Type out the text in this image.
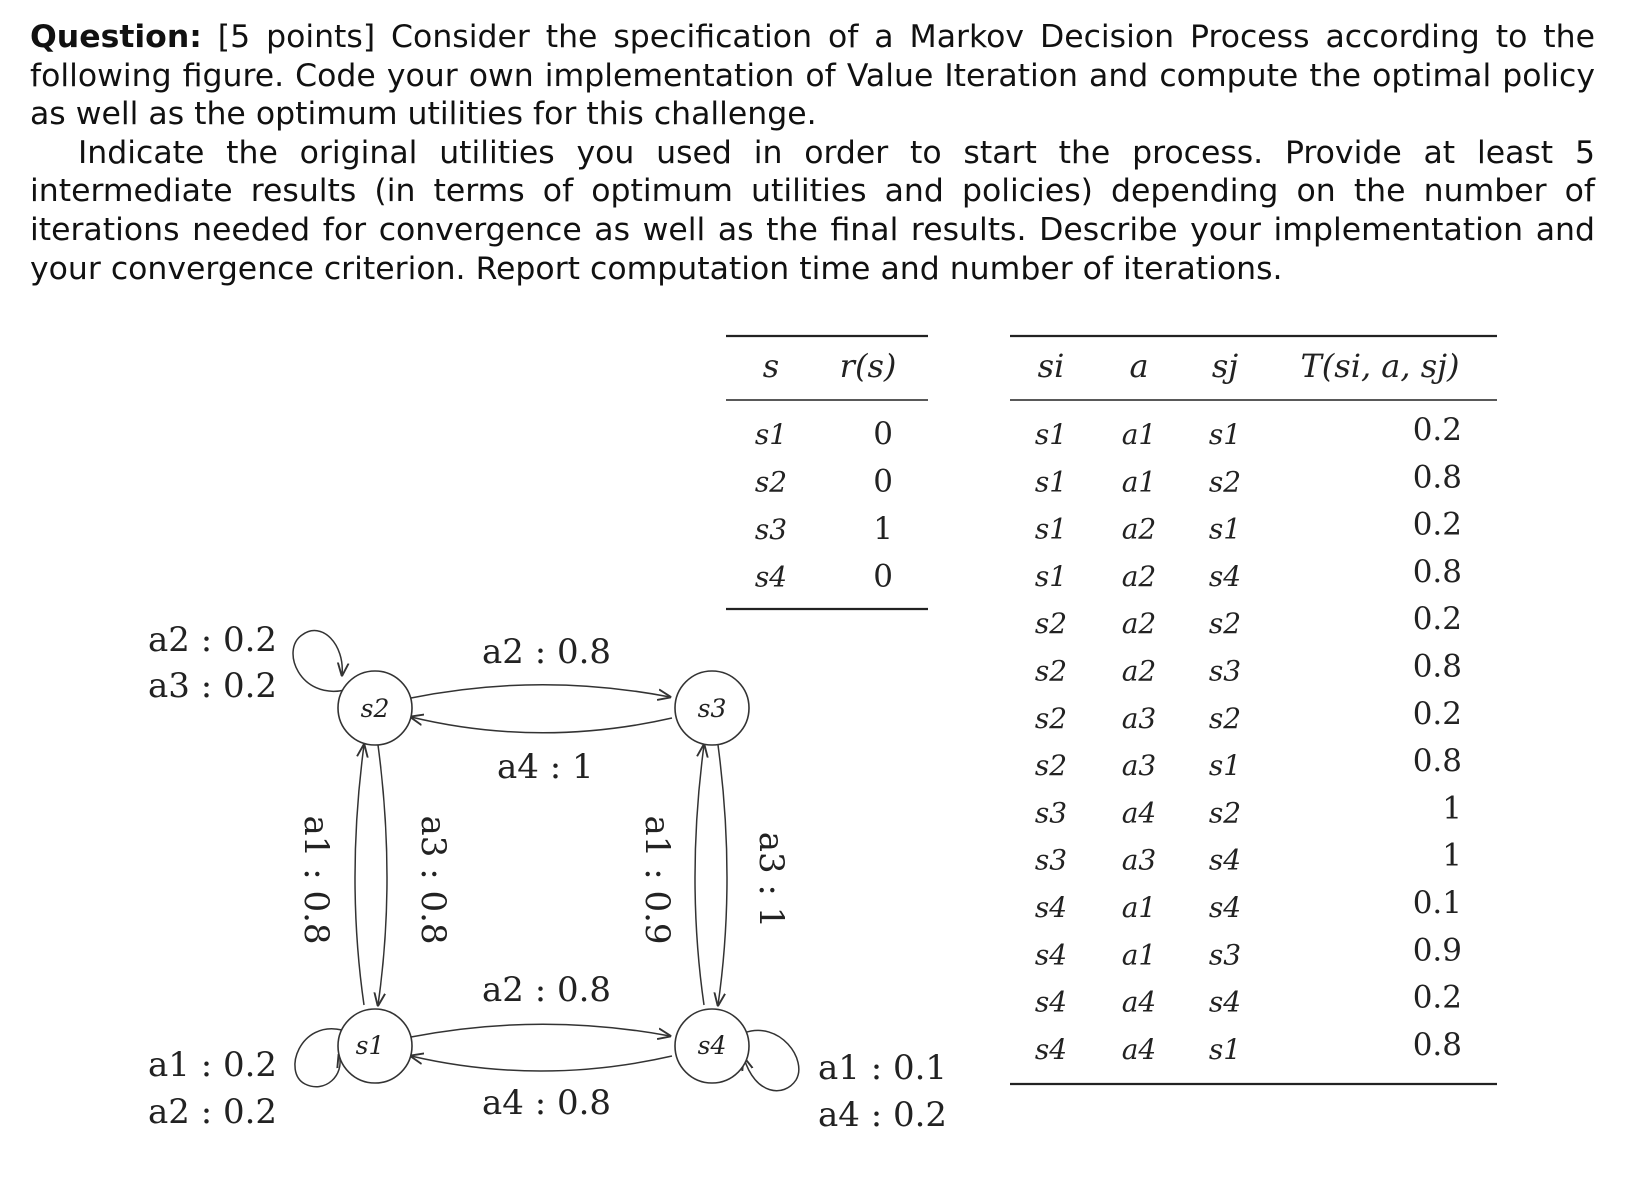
Question: [5 points] Consider the specification of a Markov Decision Process according to the following figure. Code your own implementation of Value Iteration and compute the optimal policy as well as the optimum utilities for this challenge.

Indicate the original utilities you used in order to start the process. Provide at least 5 intermediate results (in terms of optimum utilities and policies) depending on the number of iterations needed for convergence as well as the final results. Describe your implementation and your convergence criterion. Report computation time and number of iterations.

s2
s1
s3
s4
a2 : 0.2
a3 : 0.2
a2 : 0.8
a4 : 1
a2 : 0.8
a4 : 0.8
a1 : 0.2
a2 : 0.2
a1 : 0.1
a4 : 0.2
a1 : 0.8 a3 : 0.8	a1 : 0.9 a3 : 1
s r(s)
s1	0
s2	0
s3	1
s4	0
si a sj T(si, a, sj)
s1 a1 s1	0.2
s1 a1 s2	0.8
s1 a2 s1	0.2
s1 a2 s4	0.8
s2 a2 s2	0.2
s2 a2 s3	0.8
s2 a3 s2	0.2
s2 a3 s1	0.8
s3 a4 s2	1
s3 a3 s4	1
s4 a1 s4	0.1
s4 a1 s3	0.9
s4 a4 s4	0.2
s4 a4 s1	0.8
